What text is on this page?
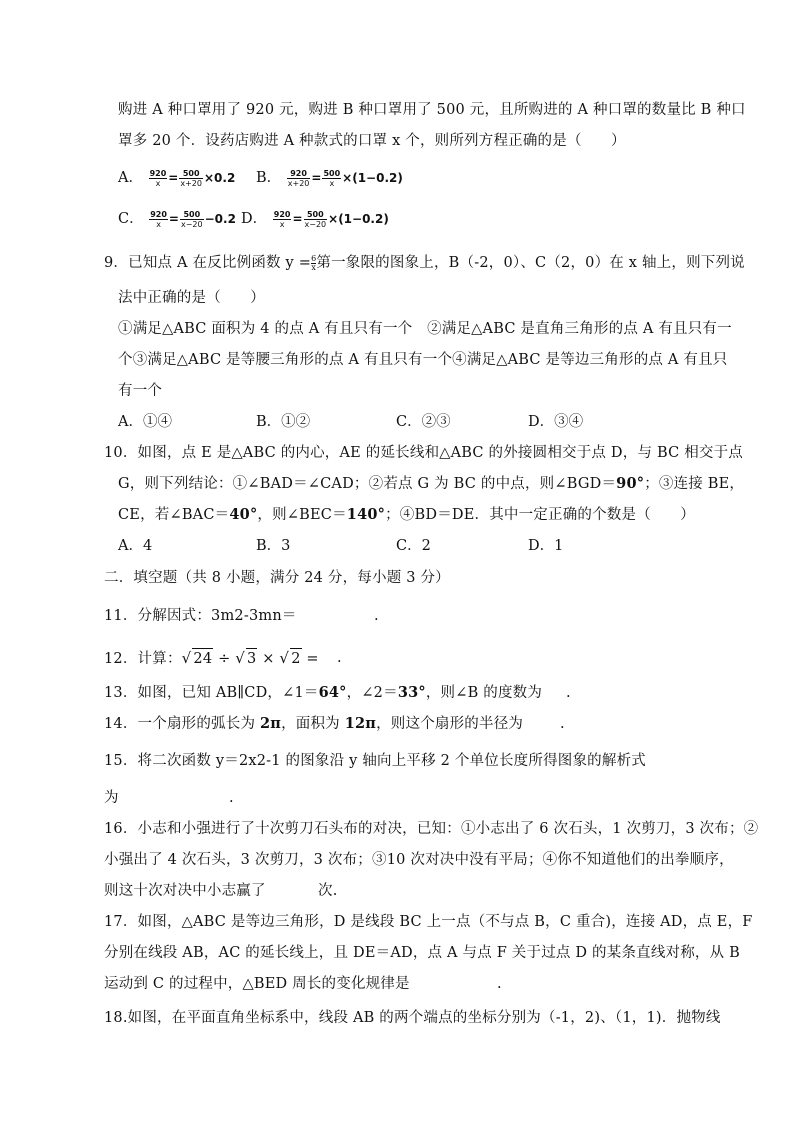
购进 A 种口罩用了 920 元，购进 B 种口罩用了 500 元，且所购进的 A 种口罩的数量比 B 种口
罩多 20 个．设药店购进 A 种款式的口罩 x 个，则所列方程正确的是（　　）
A． $\frac{920}{x} = \frac{500}{x+20} \times 0.2$ B． $\frac{920}{x+20} = \frac{500}{x} \times(1-0.2)$
C． $\frac{920}{x} = \frac{500}{x-20} -0.2$ D． $\frac{920}{x} = \frac{500}{x-20} \times(1-0.2)$
9．已知点 A 在反比例函数 $y = \frac{6}{x}$第一象限的图象上，B（-2，0）、C（2，0）在 x 轴上，则下列说
法中正确的是（　　）
①满足△ABC 面积为 4 的点 A 有且只有一个　②满足△ABC 是直角三角形的点 A 有且只有一
个③满足△ABC 是等腰三角形的点 A 有且只有一个④满足△ABC 是等边三角形的点 A 有且只
有一个
A．①④	B．①②	C．②③	D．③④
10．如图，点 E 是△ABC 的内心，AE 的延长线和△ABC 的外接圆相交于点 D，与 BC 相交于点
G，则下列结论：①∠BAD＝∠CAD；②若点 G 为 BC 的中点，则∠BGD＝90°；③连接 BE，
CE，若∠BAC＝40°，则∠BEC＝140°；④BD＝DE．其中一定正确的个数是（　　）
A．4	B．3	C．2	D．1
二．填空题（共 8 小题，满分 24 分，每小题 3 分）
11．分解因式：3m2-3mn＝	.
12．计算：√ 24 ÷ √ 3 × √ 2 = .
13．如图，已知 AB∥CD，∠1＝64°，∠2＝33°，则∠B 的度数为 .
14．一个扇形的弧长为 2π，面积为 12π，则这个扇形的半径为	.
15．将二次函数 y＝2x2-1 的图象沿 y 轴向上平移 2 个单位长度所得图象的解析式
为	.
16．小志和小强进行了十次剪刀石头布的对决，已知：①小志出了 6 次石头，1 次剪刀，3 次布；②
小强出了 4 次石头，3 次剪刀，3 次布；③10 次对决中没有平局；④你不知道他们的出拳顺序，
则这十次对决中小志赢了	次.
17．如图，△ABC 是等边三角形，D 是线段 BC 上一点（不与点 B，C 重合)，连接 AD，点 E，F
分别在线段 AB，AC 的延长线上，且 DE＝AD，点 A 与点 F 关于过点 D 的某条直线对称，从 B
运动到 C 的过程中，△BED 周长的变化规律是	.
18.如图，在平面直角坐标系中，线段 AB 的两个端点的坐标分别为（-1，2)、（1，1)．抛物线
